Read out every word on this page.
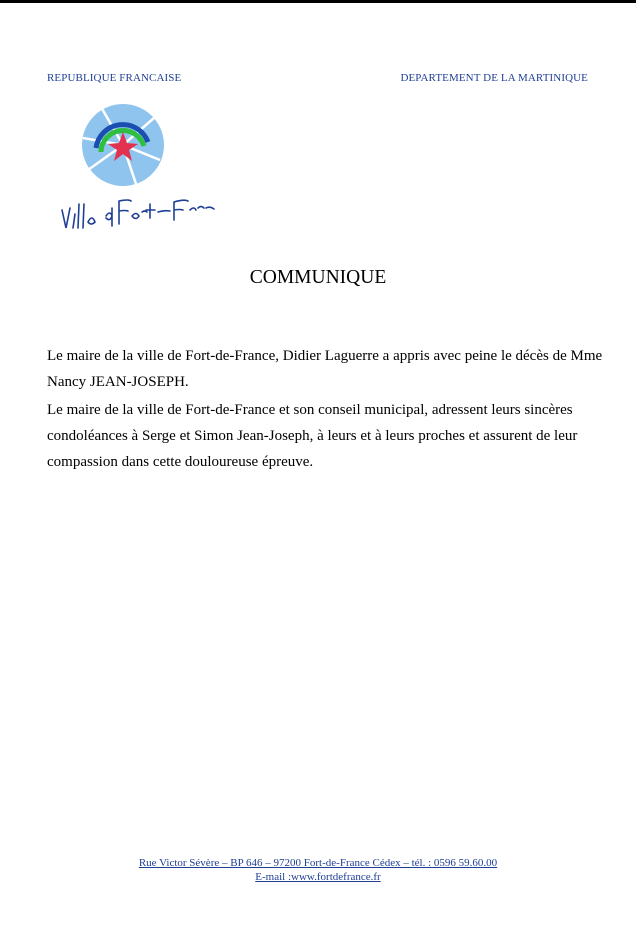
REPUBLIQUE FRANCAISE	DEPARTEMENT DE LA MARTINIQUE
COMMUNIQUE

Le maire de la ville de Fort-de-France, Didier Laguerre a appris avec peine le décès de Mme Nancy JEAN-JOSEPH.

Le maire de la ville de Fort-de-France et son conseil municipal, adressent leurs sincères condoléances à Serge et Simon Jean-Joseph, à leurs et à leurs proches et assurent de leur compassion dans cette douloureuse épreuve.

Rue Victor Sévère – BP 646 – 97200 Fort-de-France Cédex – tél. : 0596 59.60.00
E-mail :www.fortdefrance.fr
